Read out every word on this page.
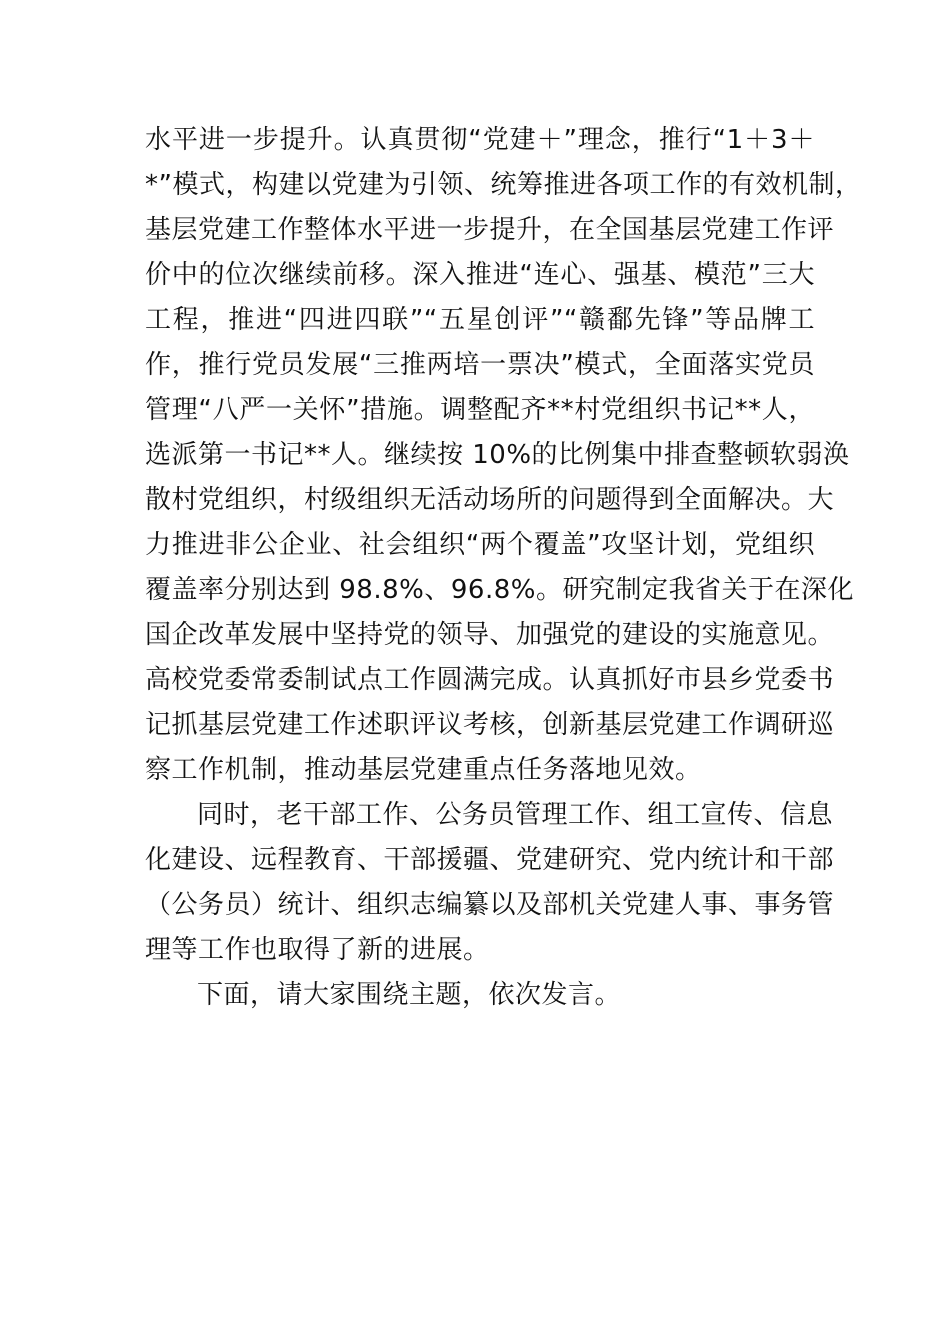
水平进一步提升。认真贯彻“党建＋”理念，推行“1＋3＋
*”模式，构建以党建为引领、统筹推进各项工作的有效机制，
基层党建工作整体水平进一步提升，在全国基层党建工作评
价中的位次继续前移。深入推进“连心、强基、模范”三大
工程，推进“四进四联”“五星创评”“赣鄱先锋”等品牌工
作，推行党员发展“三推两培一票决”模式，全面落实党员
管理“八严一关怀”措施。调整配齐**村党组织书记**人，
选派第一书记**人。继续按 10%的比例集中排查整顿软弱涣
散村党组织，村级组织无活动场所的问题得到全面解决。大
力推进非公企业、社会组织“两个覆盖”攻坚计划，党组织
覆盖率分别达到 98.8%、96.8%。研究制定我省关于在深化
国企改革发展中坚持党的领导、加强党的建设的实施意见。
高校党委常委制试点工作圆满完成。认真抓好市县乡党委书
记抓基层党建工作述职评议考核，创新基层党建工作调研巡
察工作机制，推动基层党建重点任务落地见效。
同时，老干部工作、公务员管理工作、组工宣传、信息
化建设、远程教育、干部援疆、党建研究、党内统计和干部
（公务员）统计、组织志编纂以及部机关党建人事、事务管
理等工作也取得了新的进展。
下面，请大家围绕主题，依次发言。
